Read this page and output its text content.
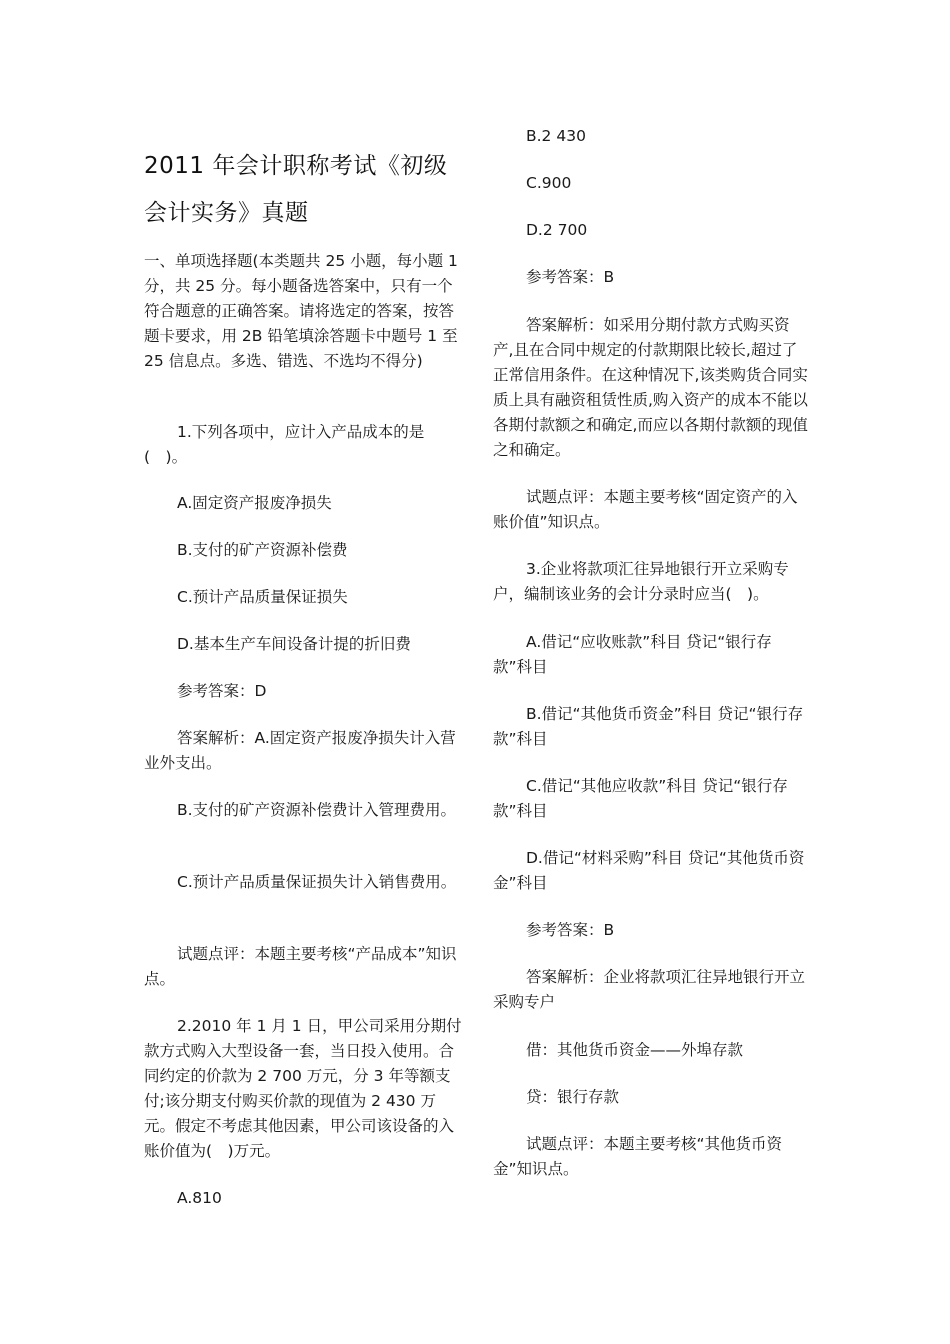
2011 年会计职称考试《初级会计实务》真题

一、单项选择题(本类题共 25 小题，每小题 1 分，共 25 分。每小题备选答案中，只有一个符合题意的正确答案。请将选定的答案，按答题卡要求，用 2B 铅笔填涂答题卡中题号 1 至 25 信息点。多选、错选、不选均不得分)

1.下列各项中，应计入产品成本的是(　)。

A.固定资产报废净损失

B.支付的矿产资源补偿费

C.预计产品质量保证损失

D.基本生产车间设备计提的折旧费

参考答案：D

答案解析：A.固定资产报废净损失计入营业外支出。

B.支付的矿产资源补偿费计入管理费用。

C.预计产品质量保证损失计入销售费用。

试题点评：本题主要考核“产品成本”知识点。

2.2010 年 1 月 1 日，甲公司采用分期付款方式购入大型设备一套，当日投入使用。合同约定的价款为 2 700 万元，分 3 年等额支付;该分期支付购买价款的现值为 2 430 万元。假定不考虑其他因素，甲公司该设备的入账价值为(　)万元。

A.810

B.2 430

C.900

D.2 700

参考答案：B

答案解析：如采用分期付款方式购买资产,且在合同中规定的付款期限比较长,超过了正常信用条件。在这种情况下,该类购货合同实质上具有融资租赁性质,购入资产的成本不能以各期付款额之和确定,而应以各期付款额的现值之和确定。

试题点评：本题主要考核“固定资产的入账价值”知识点。

3.企业将款项汇往异地银行开立采购专户，编制该业务的会计分录时应当(　)。

A.借记“应收账款”科目 贷记“银行存款”科目

B.借记“其他货币资金”科目 贷记“银行存款”科目

C.借记“其他应收款”科目 贷记“银行存款”科目

D.借记“材料采购”科目 贷记“其他货币资金”科目

参考答案：B

答案解析：企业将款项汇往异地银行开立采购专户

借：其他货币资金——外埠存款

贷：银行存款

试题点评：本题主要考核“其他货币资金”知识点。
